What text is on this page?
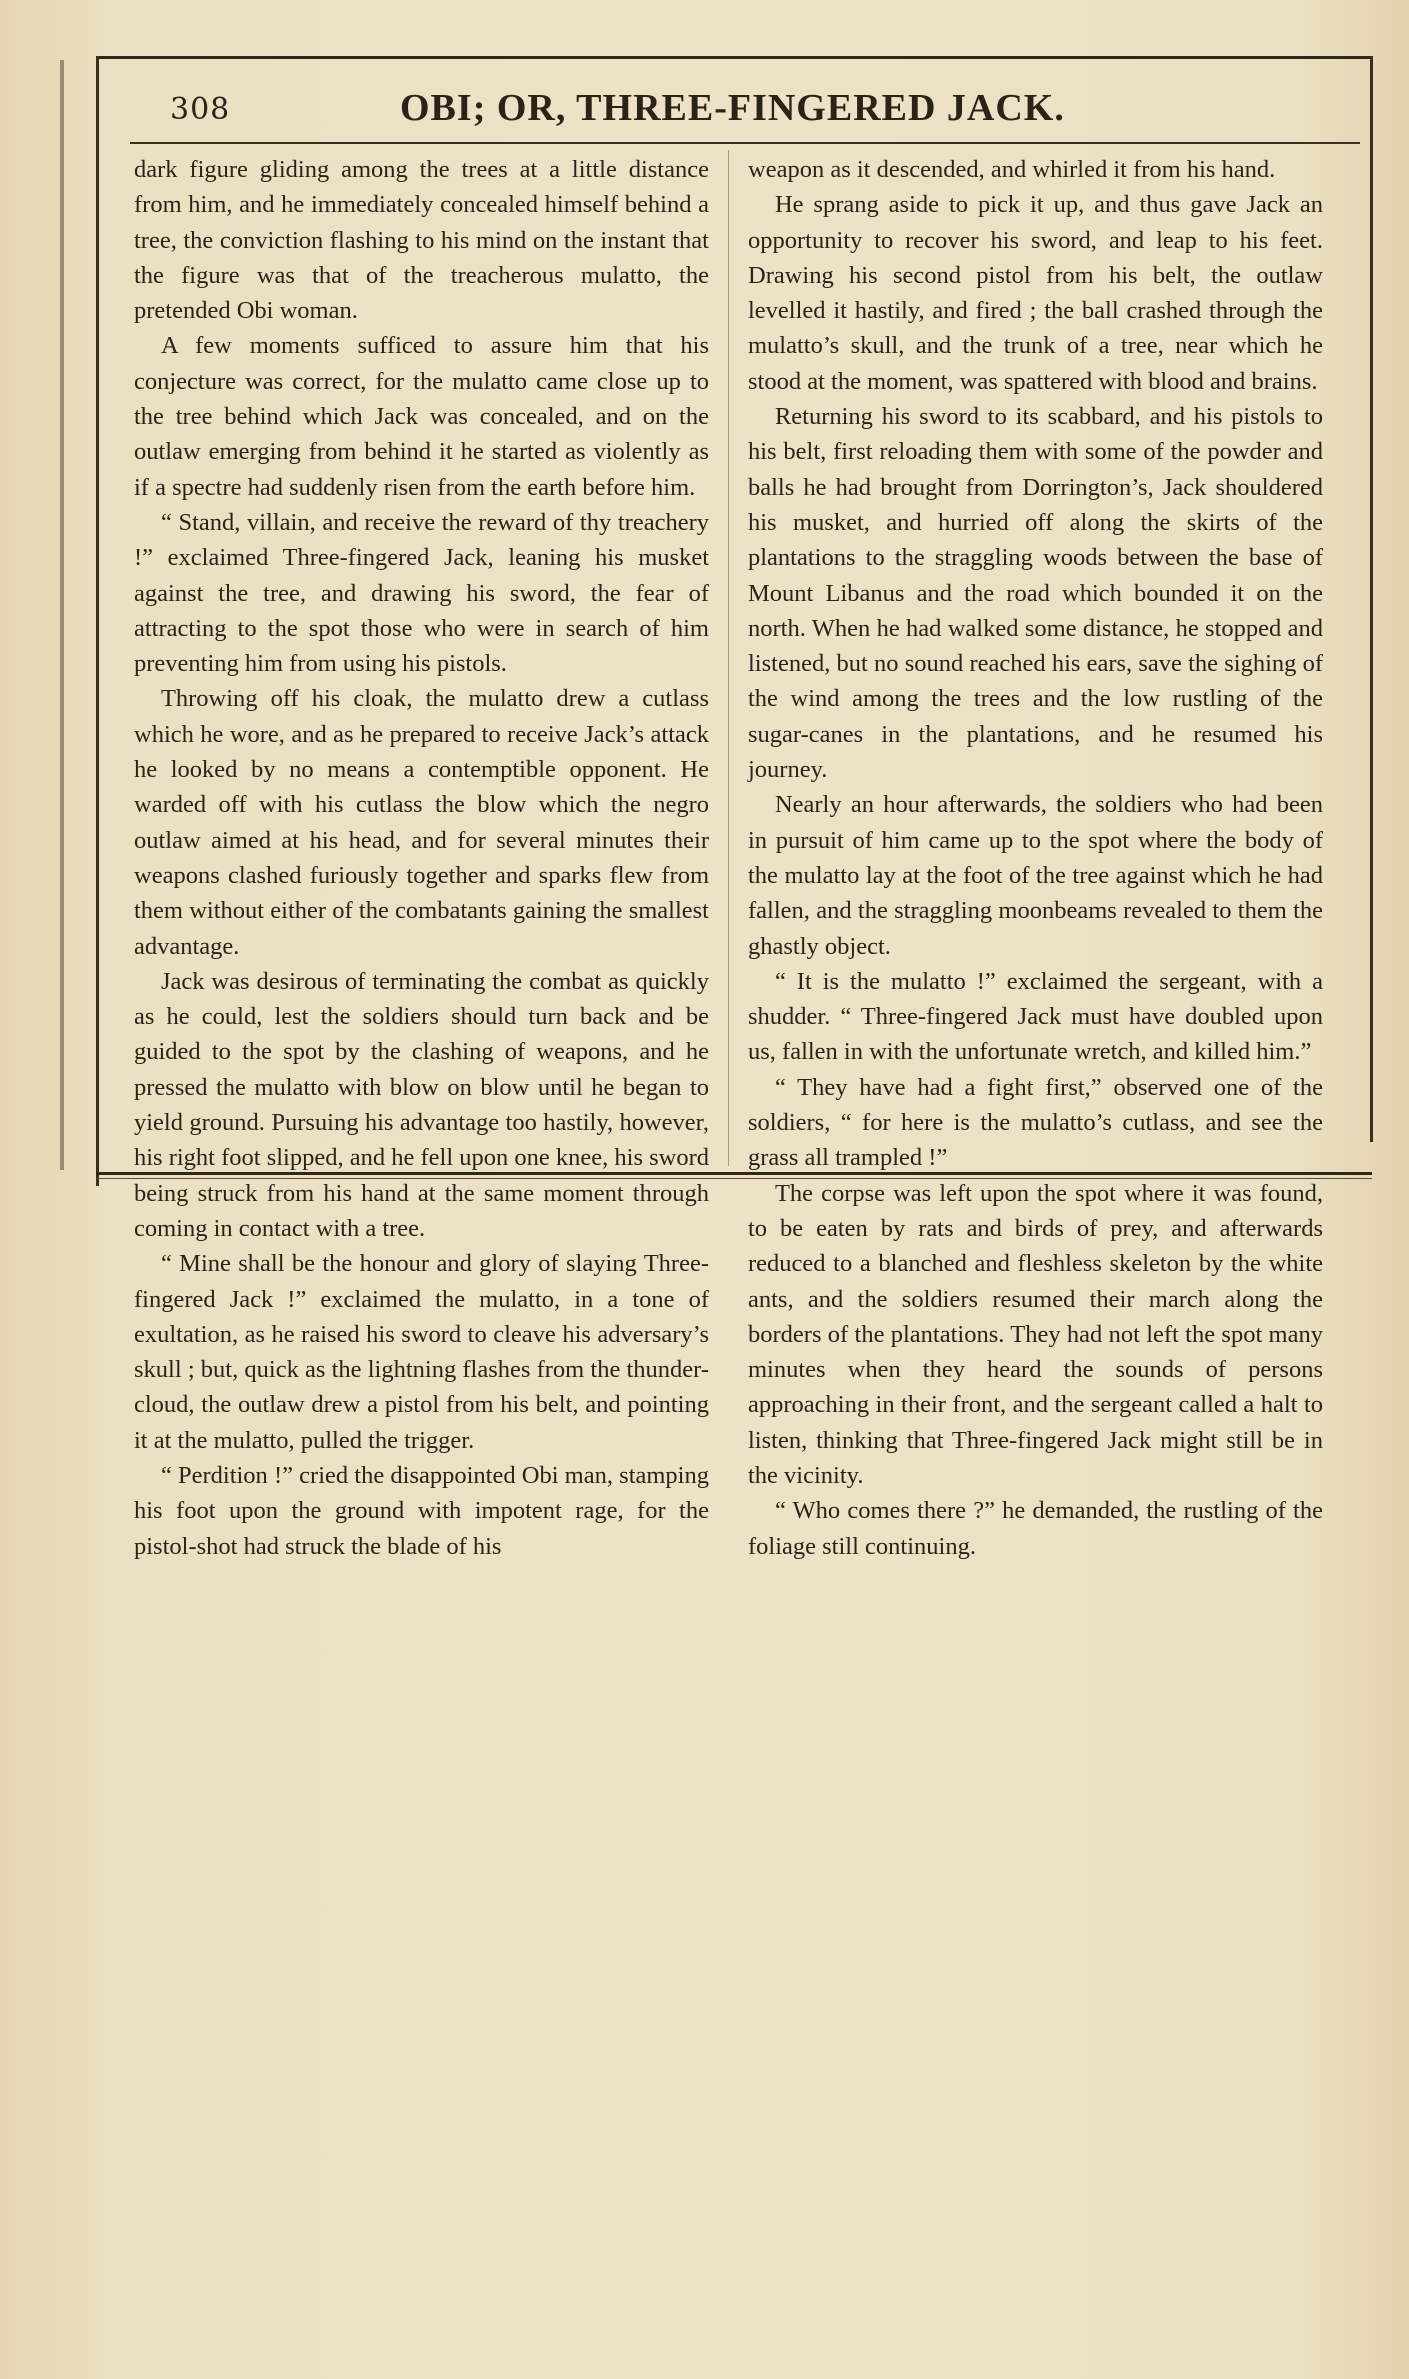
308	OBI; OR, THREE-FINGERED JACK.

dark figure gliding among the trees at a little distance from him, and he immediately concealed himself behind a tree, the conviction flashing to his mind on the instant that the figure was that of the treacherous mulatto, the pretended Obi woman.

A few moments sufficed to assure him that his conjecture was correct, for the mulatto came close up to the tree behind which Jack was concealed, and on the outlaw emerging from behind it he started as violently as if a spectre had suddenly risen from the earth before him.

“ Stand, villain, and receive the reward of thy treachery !” exclaimed Three-fingered Jack, leaning his musket against the tree, and drawing his sword, the fear of attracting to the spot those who were in search of him preventing him from using his pistols.

Throwing off his cloak, the mulatto drew a cutlass which he wore, and as he prepared to receive Jack’s attack he looked by no means a contemptible opponent. He warded off with his cutlass the blow which the negro outlaw aimed at his head, and for several minutes their weapons clashed furiously together and sparks flew from them without either of the combatants gaining the smallest advantage.

Jack was desirous of terminating the combat as quickly as he could, lest the soldiers should turn back and be guided to the spot by the clashing of weapons, and he pressed the mulatto with blow on blow until he began to yield ground. Pursuing his advantage too hastily, however, his right foot slipped, and he fell upon one knee, his sword being struck from his hand at the same moment through coming in contact with a tree.

“ Mine shall be the honour and glory of slaying Three-fingered Jack !” exclaimed the mulatto, in a tone of exultation, as he raised his sword to cleave his adversary’s skull ; but, quick as the lightning flashes from the thunder-cloud, the outlaw drew a pistol from his belt, and pointing it at the mulatto, pulled the trigger.

“ Perdition !” cried the disappointed Obi man, stamping his foot upon the ground with impotent rage, for the pistol-shot had struck the blade of his

weapon as it descended, and whirled it from his hand.

He sprang aside to pick it up, and thus gave Jack an opportunity to recover his sword, and leap to his feet. Drawing his second pistol from his belt, the outlaw levelled it hastily, and fired ; the ball crashed through the mulatto’s skull, and the trunk of a tree, near which he stood at the moment, was spattered with blood and brains.

Returning his sword to its scabbard, and his pistols to his belt, first reloading them with some of the powder and balls he had brought from Dorrington’s, Jack shouldered his musket, and hurried off along the skirts of the plantations to the straggling woods between the base of Mount Libanus and the road which bounded it on the north. When he had walked some distance, he stopped and listened, but no sound reached his ears, save the sighing of the wind among the trees and the low rustling of the sugar-canes in the plantations, and he resumed his journey.

Nearly an hour afterwards, the soldiers who had been in pursuit of him came up to the spot where the body of the mulatto lay at the foot of the tree against which he had fallen, and the straggling moonbeams revealed to them the ghastly object.

“ It is the mulatto !” exclaimed the sergeant, with a shudder. “ Three-fingered Jack must have doubled upon us, fallen in with the unfortunate wretch, and killed him.”

“ They have had a fight first,” observed one of the soldiers, “ for here is the mulatto’s cutlass, and see the grass all trampled !”

The corpse was left upon the spot where it was found, to be eaten by rats and birds of prey, and afterwards reduced to a blanched and fleshless skeleton by the white ants, and the soldiers resumed their march along the borders of the plantations. They had not left the spot many minutes when they heard the sounds of persons approaching in their front, and the sergeant called a halt to listen, thinking that Three-fingered Jack might still be in the vicinity.

“ Who comes there ?” he demanded, the rustling of the foliage still continuing.
